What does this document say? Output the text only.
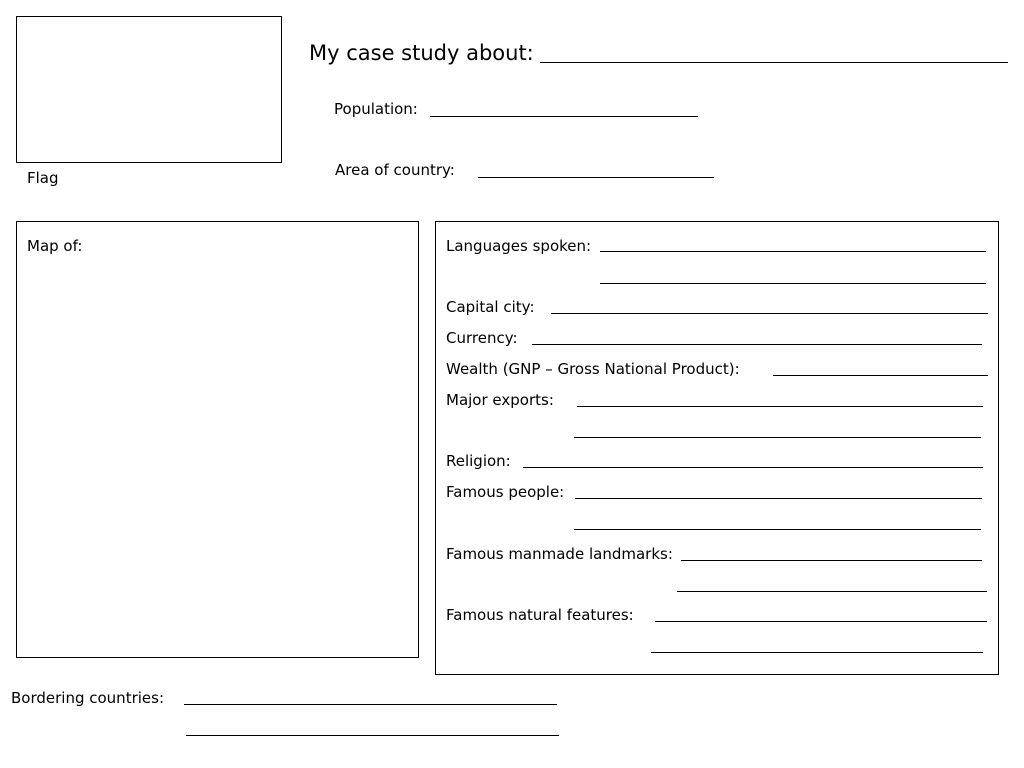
Flag
My case study about:
Population:
Area of country:
Map of:	Languages spoken:
Capital city:
Currency:
Wealth (GNP – Gross National Product):
Major exports:
Religion:
Famous people:
Famous manmade landmarks:
Famous natural features:
Bordering countries:
